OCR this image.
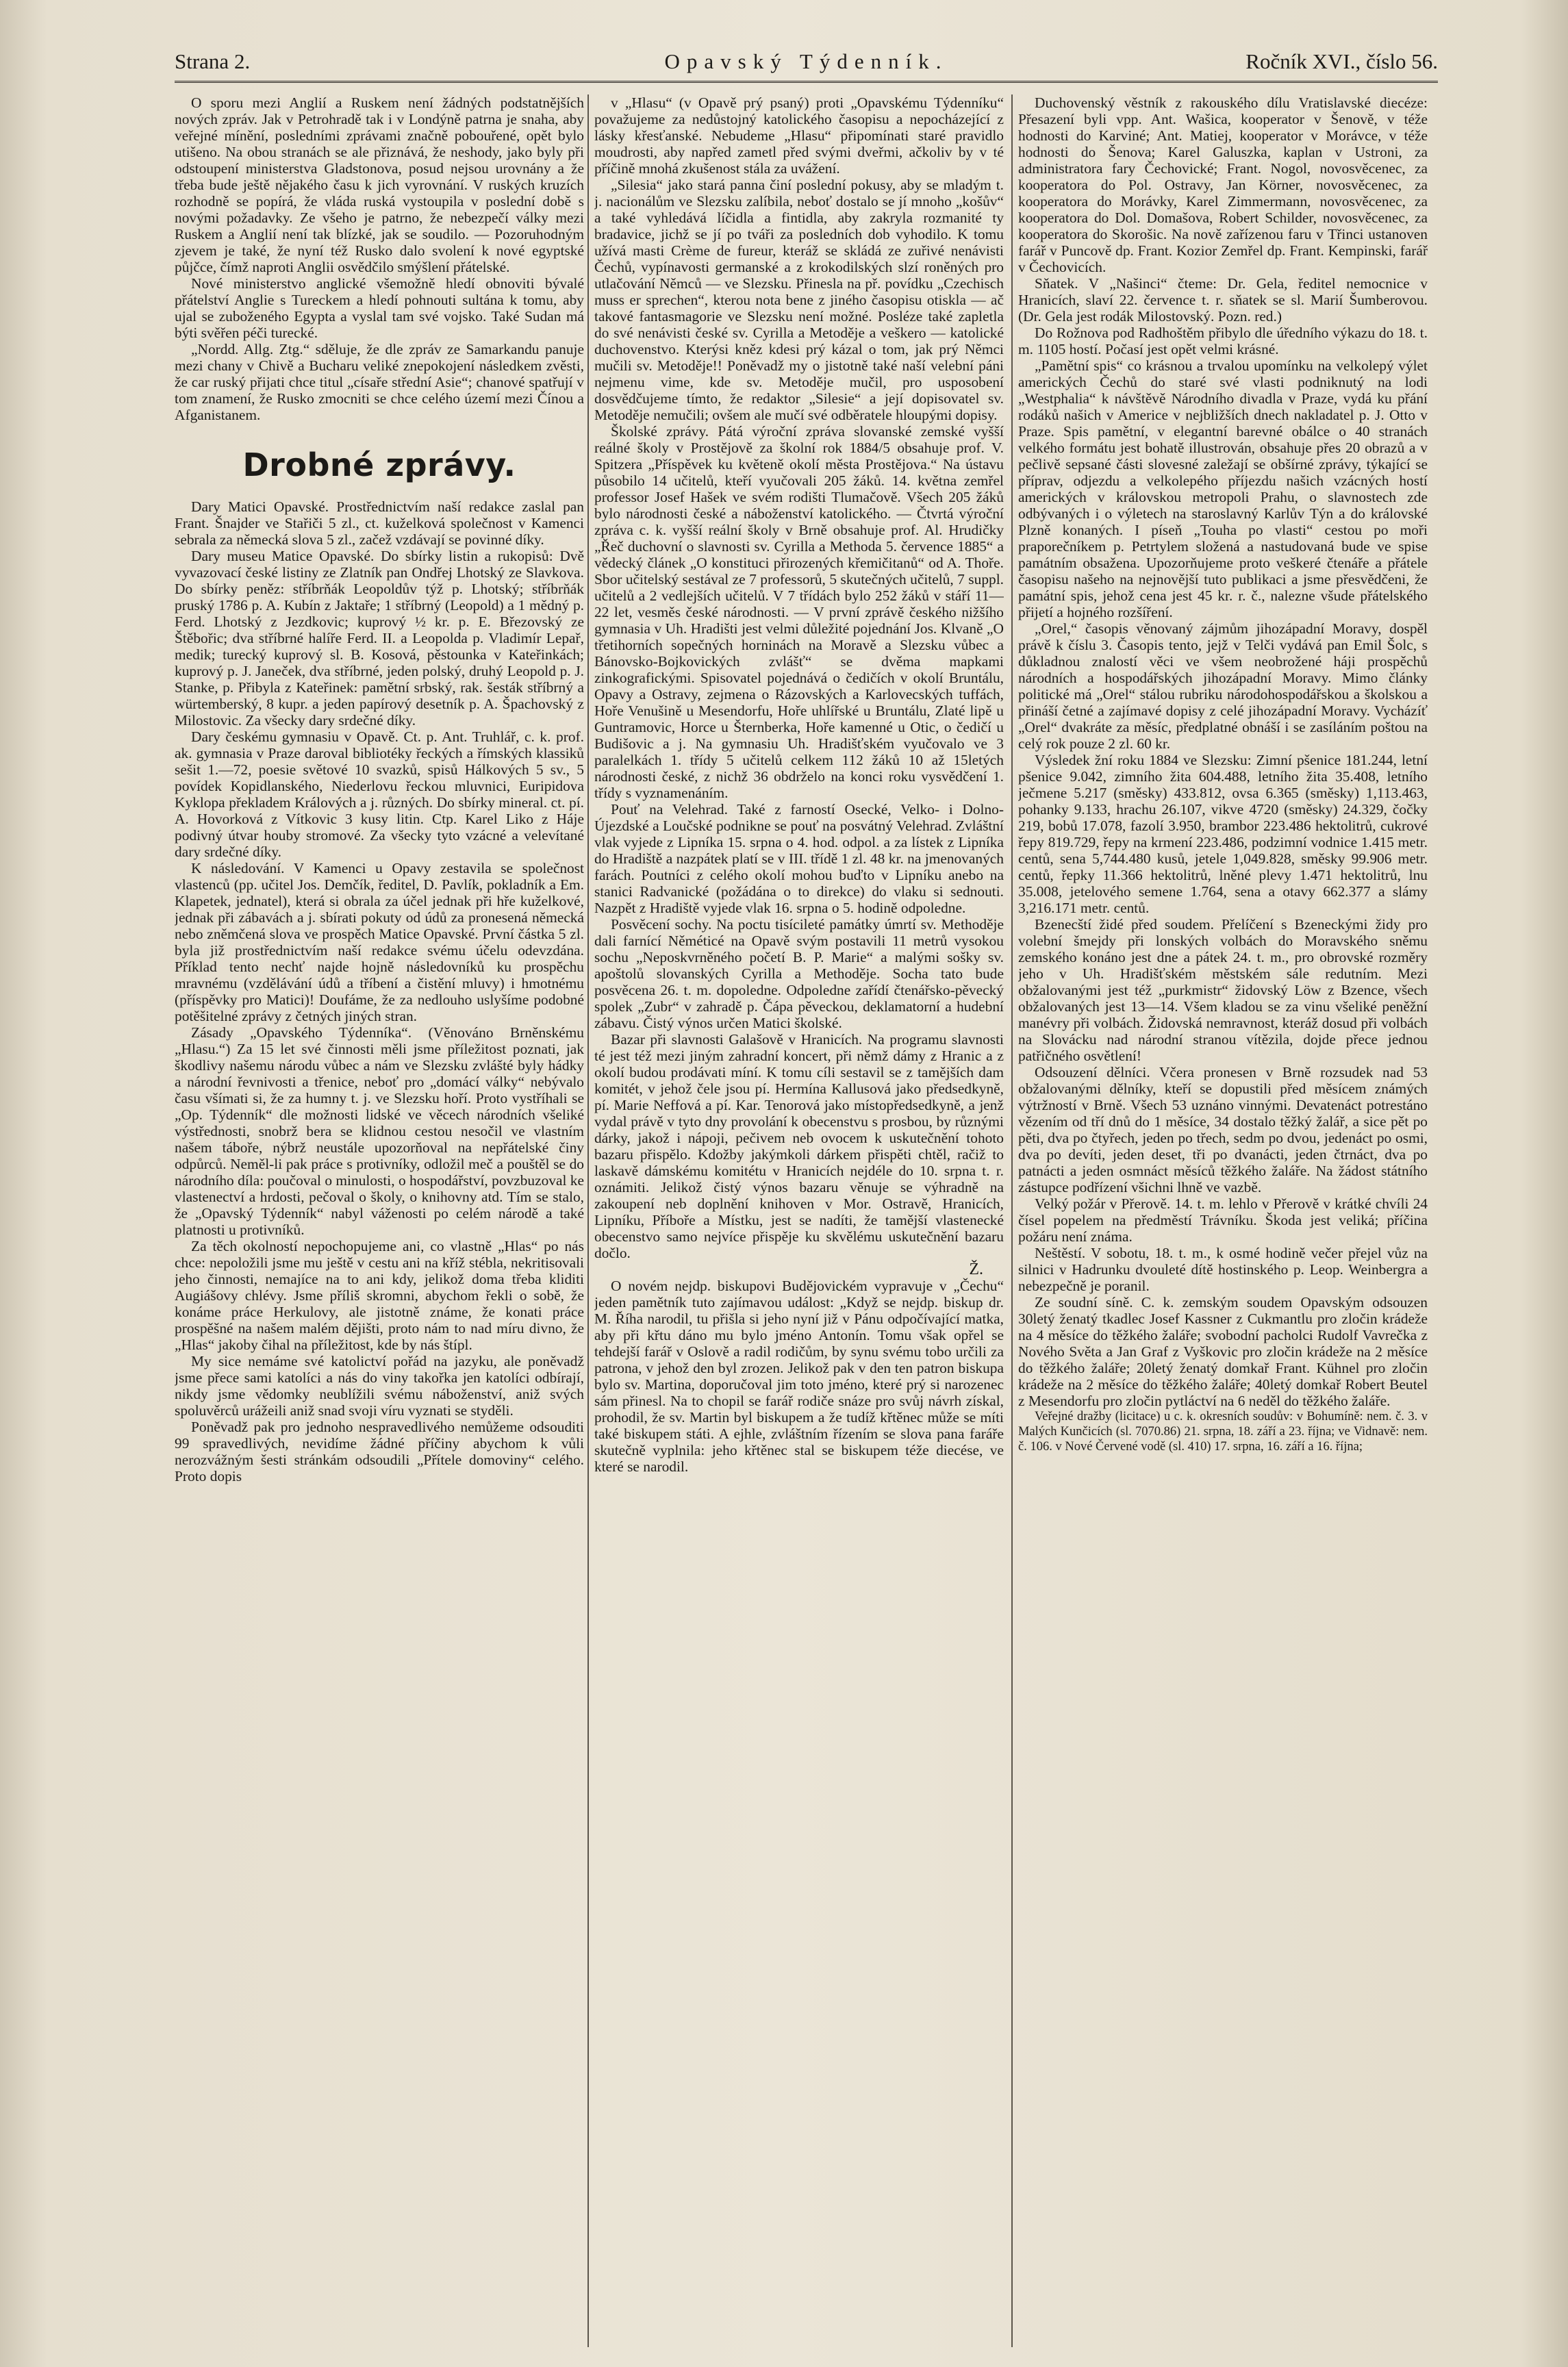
Strana 2.	Opavský Týdenník.	Ročník XVI., číslo 56.

O sporu mezi Anglií a Ruskem není žádných podstatnějších nových zpráv. Jak v Petrohradě tak i v Londýně patrna je snaha, aby veřejné mínění, posledními zprávami značně pobouřené, opět bylo utišeno. Na obou stranách se ale přiznává, že neshody, jako byly při odstoupení ministerstva Gladstonova, posud nejsou urovnány a že třeba bude ještě nějakého času k jich vyrovnání. V ruských kruzích rozhodně se popírá, že vláda ruská vystoupila v poslední době s novými požadavky. Ze všeho je patrno, že nebezpečí války mezi Ruskem a Anglií není tak blízké, jak se soudilo. — Pozoruhodným zjevem je také, že nyní též Rusko dalo svolení k nové egyptské půjčce, čímž naproti Anglii osvědčilo smýšlení přátelské.

Nové ministerstvo anglické všemožně hledí obnoviti bývalé přátelství Anglie s Tureckem a hledí pohnouti sultána k tomu, aby ujal se zuboženého Egypta a vyslal tam své vojsko. Také Sudan má býti svěřen péči turecké.

„Nordd. Allg. Ztg.“ sděluje, že dle zpráv ze Samarkandu panuje mezi chany v Chivě a Bucharu veliké znepokojení následkem zvěsti, že car ruský přijati chce titul „císaře střední Asie“; chanové spatřují v tom znamení, že Rusko zmocniti se chce celého území mezi Čínou a Afganistanem.

Drobné zprávy.

Dary Matici Opavské. Prostřednictvím naší redakce zaslal pan Frant. Šnajder ve Stařiči 5 zl., ct. kuželková společnost v Kamenci sebrala za německá slova 5 zl., začež vzdávají se povinné díky.

Dary museu Matice Opavské. Do sbírky listin a rukopisů: Dvě vyvazovací české listiny ze Zlatník pan Ondřej Lhotský ze Slavkova. Do sbírky peněz: stříbrňák Leopoldův týž p. Lhotský; stříbrňák pruský 1786 p. A. Kubín z Jaktaře; 1 stříbrný (Leopold) a 1 mědný p. Ferd. Lhotský z Jezdkovic; kuprový ½ kr. p. E. Březovský ze Štěbořic; dva stříbrné halíře Ferd. II. a Leopolda p. Vladimír Lepař, medik; turecký kuprový sl. B. Kosová, pěstounka v Kateřinkách; kuprový p. J. Janeček, dva stříbrné, jeden polský, druhý Leopold p. J. Stanke, p. Přibyla z Kateřinek: pamětní srbský, rak. šesták stříbrný a würtemberský, 8 kupr. a jeden papírový desetník p. A. Špachovský z Milostovic. Za všecky dary srdečné díky.

Dary českému gymnasiu v Opavě. Ct. p. Ant. Truhlář, c. k. prof. ak. gymnasia v Praze daroval bibliotéky řeckých a římských klassiků sešit 1.—72, poesie světové 10 svazků, spisů Hálkových 5 sv., 5 povídek Kopidlanského, Niederlovu řeckou mluvnici, Euripidova Kyklopa překladem Králových a j. různých. Do sbírky mineral. ct. pí. A. Hovorková z Vítkovic 3 kusy litin. Ctp. Karel Liko z Háje podivný útvar houby stromové. Za všecky tyto vzácné a velevítané dary srdečné díky.

K následování. V Kamenci u Opavy zestavila se společnost vlastenců (pp. učitel Jos. Demčík, ředitel, D. Pavlík, pokladník a Em. Klapetek, jednatel), která si obrala za účel jednak při hře kuželkové, jednak při zábavách a j. sbírati pokuty od údů za pronesená německá nebo zněmčená slova ve prospěch Matice Opavské. První částka 5 zl. byla již prostřednictvím naší redakce svému účelu odevzdána. Příklad tento nechť najde hojně následovníků ku prospěchu mravnému (vzdělávání údů a tříbení a čistění mluvy) i hmotnému (příspěvky pro Matici)! Doufáme, že za nedlouho uslyšíme podobné potěšitelné zprávy z četných jiných stran.

Zásady „Opavského Týdenníka“. (Věnováno Brněnskému „Hlasu.“) Za 15 let své činnosti měli jsme příležitost poznati, jak škodlivy našemu národu vůbec a nám ve Slezsku zvlášté byly hádky a národní řevnivosti a třenice, neboť pro „domácí války“ nebývalo času všímati si, že za humny t. j. ve Slezsku hoří. Proto vystříhali se „Op. Týdenník“ dle možnosti lidské ve věcech národních všeliké výstřednosti, snobrž bera se klidnou cestou nesočil ve vlastním našem táboře, nýbrž neustále upozorňoval na nepřátelské činy odpůrců. Neměl-li pak práce s protivníky, odložil meč a pouštěl se do národního díla: poučoval o minulosti, o hospodářství, povzbuzoval ke vlastenectví a hrdosti, pečoval o školy, o knihovny atd. Tím se stalo, že „Opavský Týdenník“ nabyl váženosti po celém národě a také platnosti u protivníků.

Za těch okolností nepochopujeme ani, co vlastně „Hlas“ po nás chce: nepoložili jsme mu ještě v cestu ani na kříž stébla, nekritisovali jeho činnosti, nemajíce na to ani kdy, jelikož doma třeba kliditi Augiášovy chlévy. Jsme příliš skromni, abychom řekli o sobě, že konáme práce Herkulovy, ale jistotně známe, že konati práce prospěšné na našem malém dějišti, proto nám to nad míru divno, že „Hlas“ jakoby čihal na příležitost, kde by nás štípl.

My sice nemáme své katolictví pořád na jazyku, ale poněvadž jsme přece sami katolíci a nás do viny takořka jen katolíci odbírají, nikdy jsme vědomky neublížili svému náboženství, aniž svých spoluvěrců urážeili aniž snad svoji víru vyznati se styděli.

Poněvadž pak pro jednoho nespravedlivého nemůžeme odsouditi 99 spravedlivých, nevidíme žádné příčiny abychom k vůli nerozvážným šesti stránkám odsoudili „Přítele domoviny“ celého. Proto dopis

v „Hlasu“ (v Opavě prý psaný) proti „Opavskému Týdenníku“ považujeme za nedůstojný katolického časopisu a nepocházející z lásky křesťanské. Nebudeme „Hlasu“ připomínati staré pravidlo moudrosti, aby napřed zametl před svými dveřmi, ačkoliv by v té příčině mnohá zkušenost stála za uvážení.

„Silesia“ jako stará panna činí poslední pokusy, aby se mladým t. j. nacionálům ve Slezsku zalíbila, neboť dostalo se jí mnoho „košův“ a také vyhledává líčidla a fintidla, aby zakryla rozmanité ty bradavice, jichž se jí po tváři za posledních dob vyhodilo. K tomu užívá masti Crème de fureur, kteráž se skládá ze zuřivé nenávisti Čechů, vypínavosti germanské a z krokodilských slzí roněných pro utlačování Němců — ve Slezsku. Přinesla na př. povídku „Czechisch muss er sprechen“, kterou nota bene z jiného časopisu otiskla — ač takové fantasmagorie ve Slezsku není možné. Posléze také zapletla do své nenávisti české sv. Cyrilla a Metoděje a veškero — katolické duchovenstvo. Kterýsi kněz kdesi prý kázal o tom, jak prý Němci mučili sv. Metoděje!! Poněvadž my o jistotně také naší velební páni nejmenu vime, kde sv. Metoděje mučil, pro usposobení dosvědčujeme tímto, že redaktor „Silesie“ a její dopisovatel sv. Metoděje nemučili; ovšem ale mučí své odběratele hloupými dopisy.

Školské zprávy. Pátá výroční zpráva slovanské zemské vyšší reálné školy v Prostějově za školní rok 1884/5 obsahuje prof. V. Spitzera „Příspěvek ku květeně okolí města Prostějova.“ Na ústavu působilo 14 učitelů, kteří vyučovali 205 žáků. 14. května zemřel professor Josef Hašek ve svém rodišti Tlumačově. Všech 205 žáků bylo národnosti české a náboženství katolického. — Čtvrtá výroční zpráva c. k. vyšší reální školy v Brně obsahuje prof. Al. Hrudičky „Řeč duchovní o slavnosti sv. Cyrilla a Methoda 5. července 1885“ a vědecký článek „O konstituci přirozených křemičitanů“ od A. Thoře. Sbor učitelský sestával ze 7 professorů, 5 skutečných učitelů, 7 suppl. učitelů a 2 vedlejších učitelů. V 7 třídách bylo 252 žáků v stáří 11—22 let, vesměs české národnosti. — V první zprávě českého nižšího gymnasia v Uh. Hradišti jest velmi důležité pojednání Jos. Klvaně „O třetihorních sopečných horninách na Moravě a Slezsku vůbec a Bánovsko-Bojkovických zvlášť“ se dvěma mapkami zinkografickými. Spisovatel pojednává o čedičích v okolí Bruntálu, Opavy a Ostravy, zejmena o Rázovských a Karlovecských tuffách, Hoře Venušině u Mesendorfu, Hoře uhlířské u Bruntálu, Zlaté lipě u Guntramovic, Horce u Šternberka, Hoře kamenné u Otic, o čedičí u Budišovic a j. Na gymnasiu Uh. Hradišťském vyučovalo ve 3 paralelkách 1. třídy 5 učitelů celkem 112 žáků 10 až 15letých národnosti české, z nichž 36 obdrželo na konci roku vysvědčení 1. třídy s vyznamenáním.

Pouť na Velehrad. Také z farností Osecké, Velko- i Dolno-Újezdské a Loučské podnikne se pouť na posvátný Velehrad. Zvláštní vlak vyjede z Lipníka 15. srpna o 4. hod. odpol. a za lístek z Lipníka do Hradiště a nazpátek platí se v III. třídě 1 zl. 48 kr. na jmenovaných farách. Poutníci z celého okolí mohou buďto v Lipníku anebo na stanici Radvanické (požádána o to direkce) do vlaku si sednouti. Nazpět z Hradiště vyjede vlak 16. srpna o 5. hodině odpoledne.

Posvěcení sochy. Na poctu tisícileté památky úmrtí sv. Methoděje dali farnící Něméticé na Opavě svým postavili 11 metrů vysokou sochu „Neposkvrněného početí B. P. Marie“ a malými sošky sv. apoštolů slovanských Cyrilla a Methoděje. Socha tato bude posvěcena 26. t. m. dopoledne. Odpoledne zařídí čtenářsko-pěvecký spolek „Zubr“ v zahradě p. Čápa pěveckou, deklamatorní a hudební zábavu. Čistý výnos určen Matici školské.

Bazar při slavnosti Galašově v Hranicích. Na programu slavnosti té jest též mezi jiným zahradní koncert, při němž dámy z Hranic a z okolí budou prodávati míní. K tomu cíli sestavil se z tamějších dam komitét, v jehož čele jsou pí. Hermína Kallusová jako předsedkyně, pí. Marie Neffová a pí. Kar. Tenorová jako místopředsedkyně, a jenž vydal právě v tyto dny provolání k obecenstvu s prosbou, by různými dárky, jakož i nápoji, pečivem neb ovocem k uskutečnění tohoto bazaru přispělo. Kdožby jakýmkoli dárkem přispěti chtěl, račiž to laskavě dámskému komitétu v Hranicích nejdéle do 10. srpna t. r. oznámiti. Jelikož čistý výnos bazaru věnuje se výhradně na zakoupení neb doplnění knihoven v Mor. Ostravě, Hranicích, Lipníku, Příboře a Místku, jest se nadíti, že tamější vlastenecké obecenstvo samo nejvíce přispěje ku skvělému uskutečnění bazaru dočlo.

Ž.

O novém nejdp. biskupovi Budějovickém vypravuje v „Čechu“ jeden pamětník tuto zajímavou událost: „Když se nejdp. biskup dr. M. Říha narodil, tu přišla si jeho nyní již v Pánu odpočívající matka, aby při křtu dáno mu bylo jméno Antonín. Tomu však opřel se tehdejší farář v Oslově a radil rodičům, by synu svému tobo určili za patrona, v jehož den byl zrozen. Jelikož pak v den ten patron biskupa bylo sv. Martina, doporučoval jim toto jméno, které prý si narozenec sám přinesl. Na to chopil se farář rodiče snáze pro svůj návrh získal, prohodil, že sv. Martin byl biskupem a že tudíž křtěnec může se míti také biskupem státi. A ejhle, zvláštním řízením se slova pana faráře skutečně vyplnila: jeho křtěnec stal se biskupem téže diecése, ve které se narodil.

Duchovenský věstník z rakouského dílu Vratislavské diecéze: Přesazení byli vpp. Ant. Wašica, kooperator v Šenově, v téže hodnosti do Karviné; Ant. Matiej, kooperator v Morávce, v téže hodnosti do Šenova; Karel Galuszka, kaplan v Ustroni, za administratora fary Čechovické; Frant. Nogol, novosvěcenec, za kooperatora do Pol. Ostravy, Jan Körner, novosvěcenec, za kooperatora do Morávky, Karel Zimmermann, novosvěcenec, za kooperatora do Dol. Domašova, Robert Schilder, novosvěcenec, za kooperatora do Skorošic. Na nově zařízenou faru v Třinci ustanoven farář v Puncově dp. Frant. Kozior Zemřel dp. Frant. Kempinski, farář v Čechovicích.

Sňatek. V „Našinci“ čteme: Dr. Gela, ředitel nemocnice v Hranicích, slaví 22. července t. r. sňatek se sl. Marií Šumberovou. (Dr. Gela jest rodák Milostovský. Pozn. red.)

Do Rožnova pod Radhoštěm přibylo dle úředního výkazu do 18. t. m. 1105 hostí. Počasí jest opět velmi krásné.

„Pamětní spis“ co krásnou a trvalou upomínku na velkolepý výlet amerických Čechů do staré své vlasti podniknutý na lodi „Westphalia“ k návštěvě Národního divadla v Praze, vydá ku přání rodáků našich v Americe v nejbližších dnech nakladatel p. J. Otto v Praze. Spis pamětní, v elegantní barevné obálce o 40 stranách velkého formátu jest bohatě illustrován, obsahuje přes 20 obrazů a v pečlivě sepsané části slovesné zaležají se obšírné zprávy, týkající se příprav, odjezdu a velkolepého příjezdu našich vzácných hostí amerických v královskou metropoli Prahu, o slavnostech zde odbývaných i o výletech na staroslavný Karlův Týn a do královské Plzně konaných. I píseň „Touha po vlasti“ cestou po moři praporečníkem p. Petrtylem složená a nastudovaná bude ve spise památním obsažena. Upozorňujeme proto veškeré čtenáře a přátele časopisu našeho na nejnovější tuto publikaci a jsme přesvědčeni, že památní spis, jehož cena jest 45 kr. r. č., nalezne všude přátelského přijetí a hojného rozšíření.

„Orel,“ časopis věnovaný zájmům jihozápadní Moravy, dospěl právě k číslu 3. Časopis tento, jejž v Telči vydává pan Emil Šolc, s důkladnou znalostí věci ve všem neobrožené háji prospěchů národních a hospodářských jihozápadní Moravy. Mimo články politické má „Orel“ stálou rubriku národohospodářskou a školskou a přináší četné a zajímavé dopisy z celé jihozápadní Moravy. Vycházíť „Orel“ dvakráte za měsíc, předplatné obnáší i se zasíláním poštou na celý rok pouze 2 zl. 60 kr.

Výsledek žní roku 1884 ve Slezsku: Zimní pšenice 181.244, letní pšenice 9.042, zimního žita 604.488, letního žita 35.408, letního ječmene 5.217 (směsky) 433.812, ovsa 6.365 (směsky) 1,113.463, pohanky 9.133, hrachu 26.107, vikve 4720 (směsky) 24.329, čočky 219, bobů 17.078, fazolí 3.950, brambor 223.486 hektolitrů, cukrové řepy 819.729, řepy na krmení 223.486, podzimní vodnice 1.415 metr. centů, sena 5,744.480 kusů, jetele 1,049.828, směsky 99.906 metr. centů, řepky 11.366 hektolitrů, lněné plevy 1.471 hektolitrů, lnu 35.008, jetelového semene 1.764, sena a otavy 662.377 a slámy 3,216.171 metr. centů.

Bzenecští židé před soudem. Přelíčení s Bzeneckými židy pro volební šmejdy při lonských volbách do Moravského sněmu zemského konáno jest dne a pátek 24. t. m., pro obrovské rozměry jeho v Uh. Hradišťském městském sále redutním. Mezi obžalovanými jest též „purkmistr“ židovský Löw z Bzence, všech obžalovaných jest 13—14. Všem kladou se za vinu všeliké peněžní manévry při volbách. Židovská nemravnost, kteráž dosud při volbách na Slovácku nad národní stranou vítězila, dojde přece jednou patřičného osvětlení!

Odsouzení dělníci. Včera pronesen v Brně rozsudek nad 53 obžalovanými dělníky, kteří se dopustili před měsícem známých výtržností v Brně. Všech 53 uznáno vinnými. Devatenáct potrestáno vězením od tří dnů do 1 měsíce, 34 dostalo těžký žalář, a sice pět po pěti, dva po čtyřech, jeden po třech, sedm po dvou, jedenáct po osmi, dva po devíti, jeden deset, tři po dvanácti, jeden čtrnáct, dva po patnácti a jeden osmnáct měsíců těžkého žaláře. Na žádost státního zástupce podřízení všichni lhně ve vazbě.

Velký požár v Přerově. 14. t. m. lehlo v Přerově v krátké chvíli 24 čísel popelem na předměstí Trávníku. Škoda jest veliká; příčina požáru není známa.

Neštěstí. V sobotu, 18. t. m., k osmé hodině večer přejel vůz na silnici v Hadrunku dvouleté dítě hostinského p. Leop. Weinbergra a nebezpečně je poranil.

Ze soudní síně. C. k. zemským soudem Opavským odsouzen 30letý ženatý tkadlec Josef Kassner z Cukmantlu pro zločin krádeže na 4 měsíce do těžkého žaláře; svobodní pacholci Rudolf Vavrečka z Nového Světa a Jan Graf z Vyškovic pro zločin krádeže na 2 měsíce do těžkého žaláře; 20letý ženatý domkař Frant. Kühnel pro zločin krádeže na 2 měsíce do těžkého žaláře; 40letý domkař Robert Beutel z Mesendorfu pro zločin pytláctví na 6 neděl do těžkého žaláře.

Veřejné dražby (licitace) u c. k. okresních soudův: v Bohumíně: nem. č. 3. v Malých Kunčicích (sl. 7070.86) 21. srpna, 18. září a 23. října; ve Vidnavě: nem. č. 106. v Nové Červené vodě (sl. 410) 17. srpna, 16. září a 16. října;
